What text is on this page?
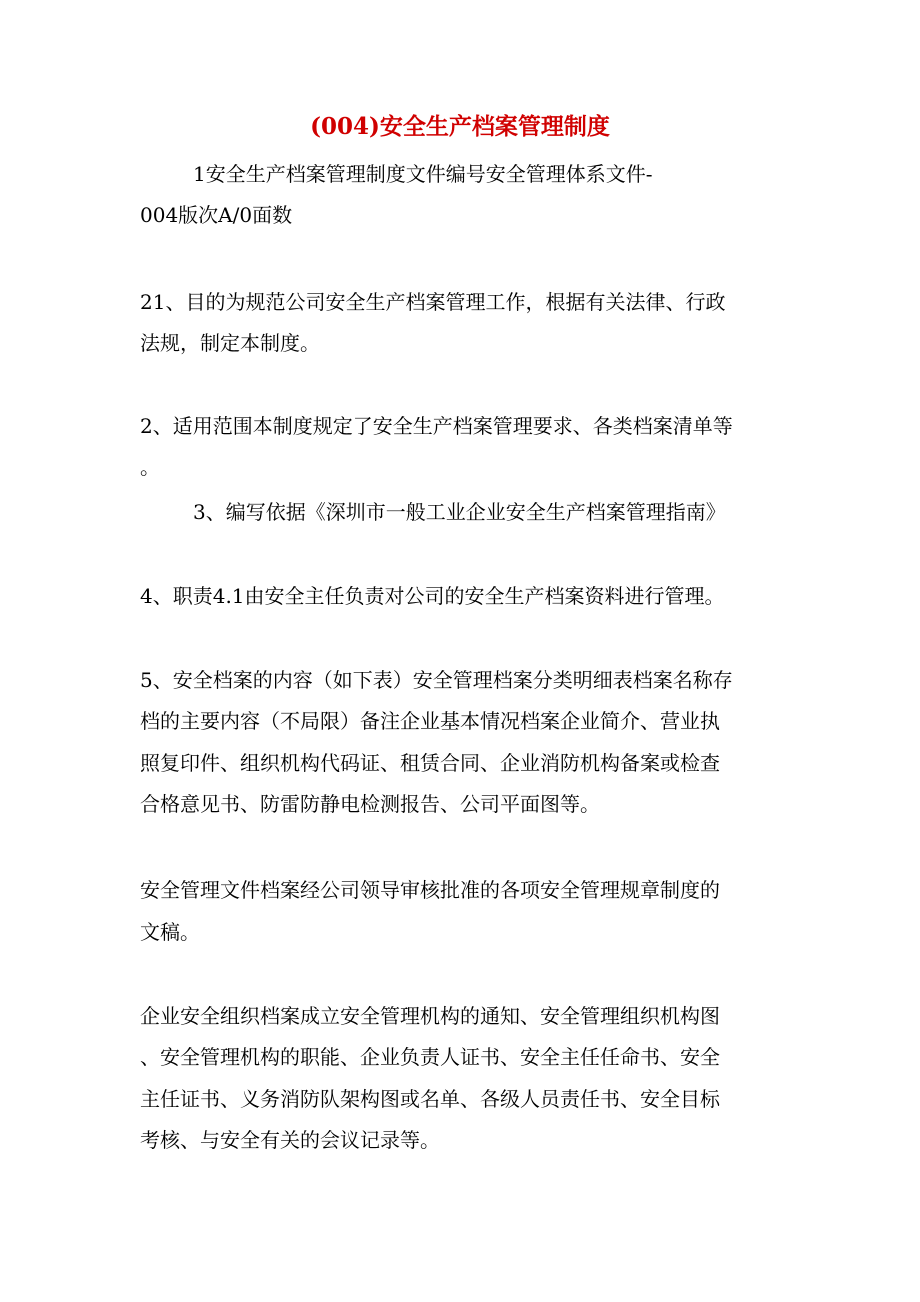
(004)安全生产档案管理制度
1安全生产档案管理制度文件编号安全管理体系文件-
004版次A/0面数
21、目的为规范公司安全生产档案管理工作，根据有关法律、行政
法规，制定本制度。
2、适用范围本制度规定了安全生产档案管理要求、各类档案清单等
。
3、编写依据《深圳市一般工业企业安全生产档案管理指南》
4、职责4.1由安全主任负责对公司的安全生产档案资料进行管理。
5、安全档案的内容（如下表）安全管理档案分类明细表档案名称存
档的主要内容（不局限）备注企业基本情况档案企业简介、营业执
照复印件、组织机构代码证、租赁合同、企业消防机构备案或检查
合格意见书、防雷防静电检测报告、公司平面图等。
安全管理文件档案经公司领导审核批准的各项安全管理规章制度的
文稿。
企业安全组织档案成立安全管理机构的通知、安全管理组织机构图
、安全管理机构的职能、企业负责人证书、安全主任任命书、安全
主任证书、义务消防队架构图或名单、各级人员责任书、安全目标
考核、与安全有关的会议记录等。
